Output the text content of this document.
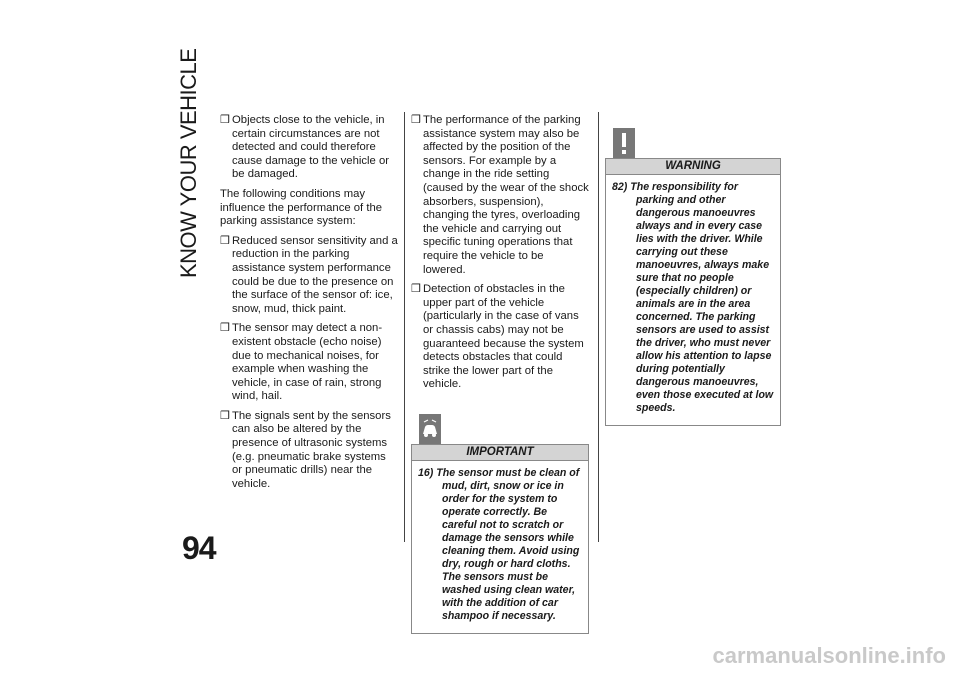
KNOW YOUR VEHICLE
94
❒ Objects close to the vehicle, in certain circumstances are not detected and could therefore cause damage to the vehicle or be damaged.

The following conditions may influence the performance of the parking assistance system:

❒ Reduced sensor sensitivity and a reduction in the parking assistance system performance could be due to the presence on the surface of the sensor of: ice, snow, mud, thick paint.
❒ The sensor may detect a non-existent obstacle (echo noise) due to mechanical noises, for example when washing the vehicle, in case of rain, strong wind, hail.
❒ The signals sent by the sensors can also be altered by the presence of ultrasonic systems (e.g. pneumatic brake systems or pneumatic drills) near the vehicle.
❒ The performance of the parking assistance system may also be affected by the position of the sensors. For example by a change in the ride setting (caused by the wear of the shock absorbers, suspension), changing the tyres, overloading the vehicle and carrying out specific tuning operations that require the vehicle to be lowered.
❒ Detection of obstacles in the upper part of the vehicle (particularly in the case of vans or chassis cabs) may not be guaranteed because the system detects obstacles that could strike the lower part of the vehicle.
IMPORTANT
16) The sensor must be clean of mud, dirt, snow or ice in order for the system to operate correctly. Be careful not to scratch or damage the sensors while cleaning them. Avoid using dry, rough or hard cloths. The sensors must be washed using clean water, with the addition of car shampoo if necessary.
WARNING
82) The responsibility for parking and other dangerous manoeuvres always and in every case lies with the driver. While carrying out these manoeuvres, always make sure that no people (especially children) or animals are in the area concerned. The parking sensors are used to assist the driver, who must never allow his attention to lapse during potentially dangerous manoeuvres, even those executed at low speeds.
carmanualsonline.info
